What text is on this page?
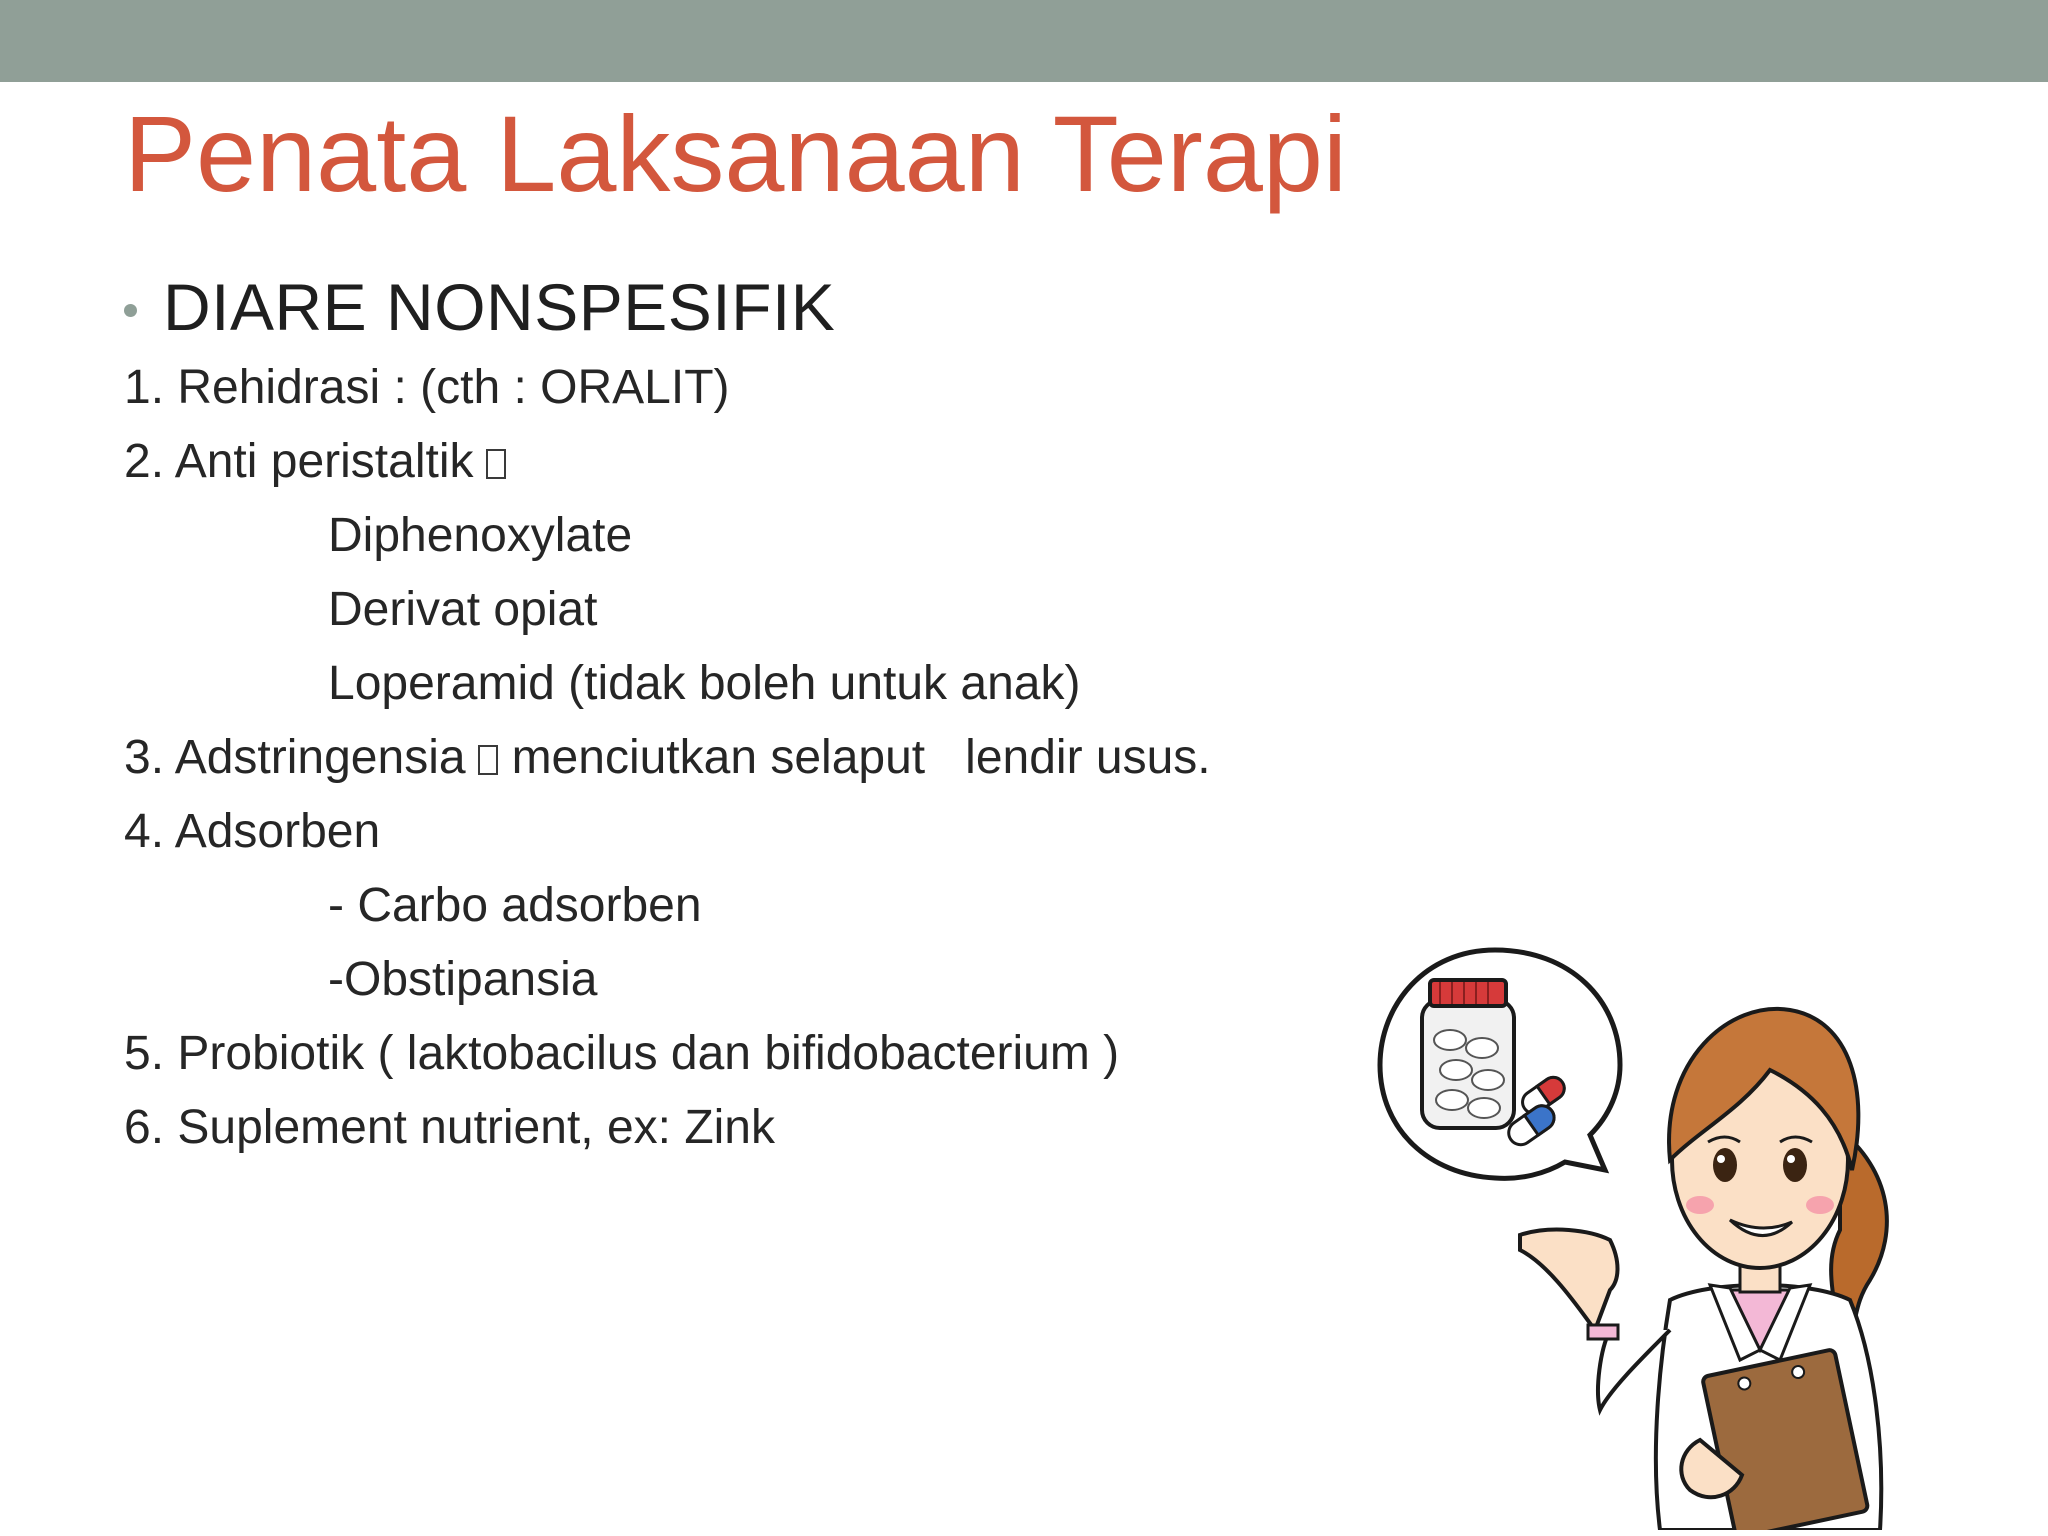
Penata Laksanaan Terapi
DIARE NONSPESIFIK
1. Rehidrasi : (cth : ORALIT)
2. Anti peristaltik
Diphenoxylate
Derivat opiat
Loperamid (tidak boleh untuk anak)
3. Adstringensia menciutkan selaput   lendir usus.
4. Adsorben
- Carbo adsorben
-Obstipansia
5. Probiotik ( laktobacilus dan bifidobacterium )
6. Suplement nutrient, ex: Zink
